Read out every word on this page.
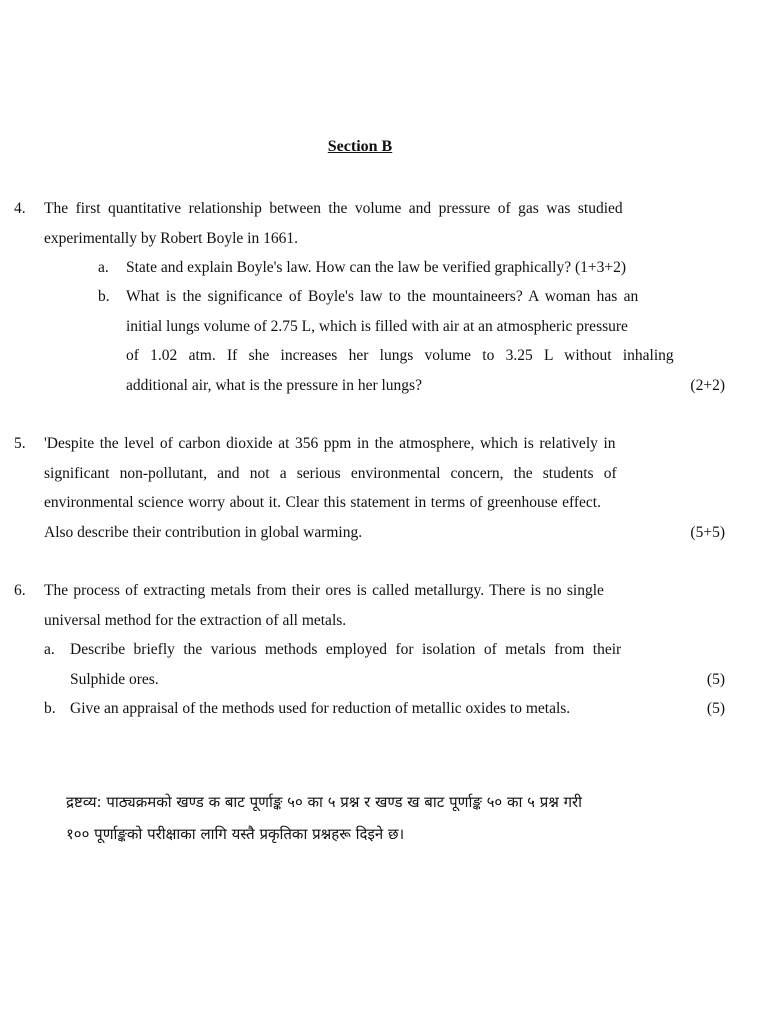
Section B
4. The first quantitative relationship between the volume and pressure of gas was studied
experimentally by Robert Boyle in 1661.
a. State and explain Boyle's law. How can the law be verified graphically? (1+3+2)
b. What is the significance of Boyle's law to the mountaineers? A woman has an
initial lungs volume of 2.75 L, which is filled with air at an atmospheric pressure
of 1.02 atm. If she increases her lungs volume to 3.25 L without inhaling
additional air, what is the pressure in her lungs?	(2+2)
5. 'Despite the level of carbon dioxide at 356 ppm in the atmosphere, which is relatively in
significant non-pollutant, and not a serious environmental concern, the students of
environmental science worry about it. Clear this statement in terms of greenhouse effect.
Also describe their contribution in global warming.	(5+5)
6. The process of extracting metals from their ores is called metallurgy. There is no single
universal method for the extraction of all metals.
a. Describe briefly the various methods employed for isolation of metals from their
Sulphide ores.	(5)
b. Give an appraisal of the methods used for reduction of metallic oxides to metals.	(5)
द्रष्टव्य: पाठ्यक्रमको खण्ड क बाट पूर्णाङ्क ५० का ५ प्रश्न र खण्ड ख बाट पूर्णाङ्क ५० का ५ प्रश्न गरी
१०० पूर्णाङ्कको परीक्षाका लागि यस्तै प्रकृतिका प्रश्नहरू दिइने छ।
